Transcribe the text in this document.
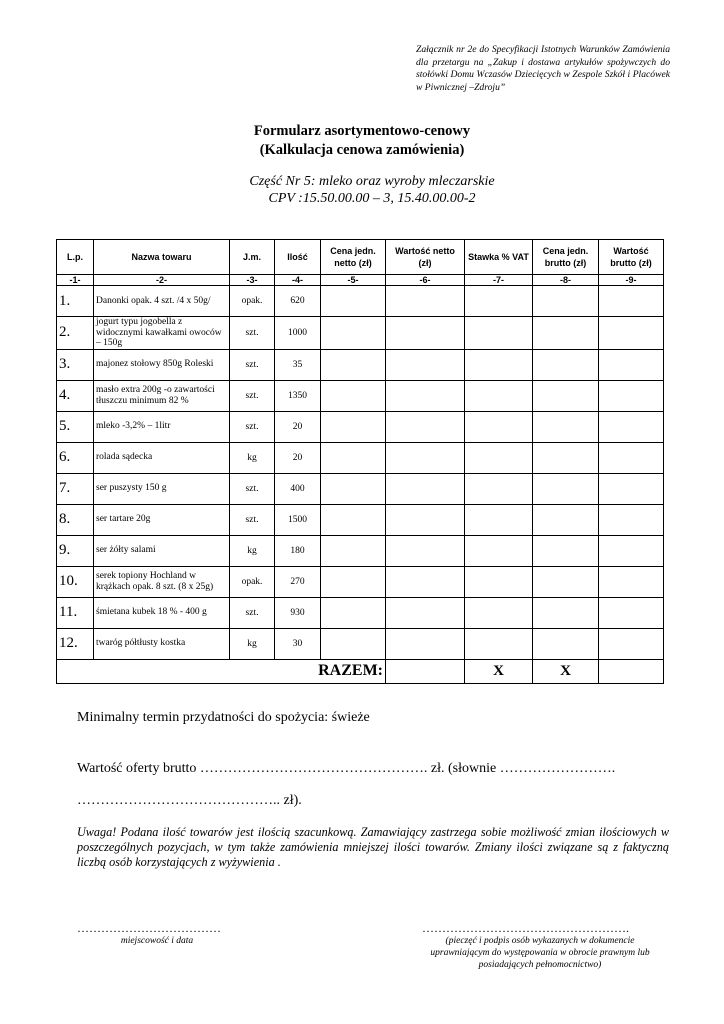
Załącznik nr 2e do Specyfikacji Istotnych Warunków Zamówienia dla przetargu na „Zakup i dostawa artykułów spożywczych do stołówki Domu Wczasów Dziecięcych w Zespole Szkół i Placówek w Piwnicznej –Zdroju”
Formularz asortymentowo-cenowy
(Kalkulacja cenowa zamówienia)
Część Nr 5: mleko oraz wyroby mleczarskie
CPV :15.50.00.00 – 3, 15.40.00.00-2
L.p.	Nazwa towaru	J.m.	Ilość	Cena jedn. netto (zł)	Wartość netto (zł)	Stawka % VAT	Cena jedn. brutto (zł)	Wartość brutto (zł)
-1-	-2-	-3-	-4-	-5-	-6-	-7-	-8-	-9-
1.	Danonki opak. 4 szt. /4 x 50g/	opak.	620					
2.	jogurt typu jogobella z widocznymi kawałkami owoców – 150g	szt.	1000					
3.	majonez stołowy 850g Roleski	szt.	35					
4.	masło extra 200g -o zawartości tłuszczu minimum 82 %	szt.	1350					
5.	mleko -3,2% – 1litr	szt.	20					
6.	rolada sądecka	kg	20					
7.	ser puszysty 150 g	szt.	400					
8.	ser tartare 20g	szt.	1500					
9.	ser żółty salami	kg	180					
10.	serek topiony Hochland w krążkach opak. 8 szt. (8 x 25g)	opak.	270					
11.	śmietana kubek 18 % - 400 g	szt.	930					
12.	twaróg półtłusty kostka	kg	30					
RAZEM:						X	X	
Minimalny termin przydatności do spożycia: świeże
Wartość oferty brutto …………………………………………. zł. (słownie …………………….
…………………………………….. zł).
Uwaga! Podana ilość towarów jest ilością szacunkową. Zamawiający zastrzega sobie możliwość zmian ilościowych w poszczególnych pozycjach, w tym także zamówienia mniejszej ilości towarów. Zmiany ilości związane są z faktyczną liczbą osób korzystających z wyżywienia .
………………………………
miejscowość i data
…………………………………………….
(pieczęć i podpis osób wykazanych w dokumencie uprawniającym do występowania w obrocie prawnym lub posiadających pełnomocnictwo)
